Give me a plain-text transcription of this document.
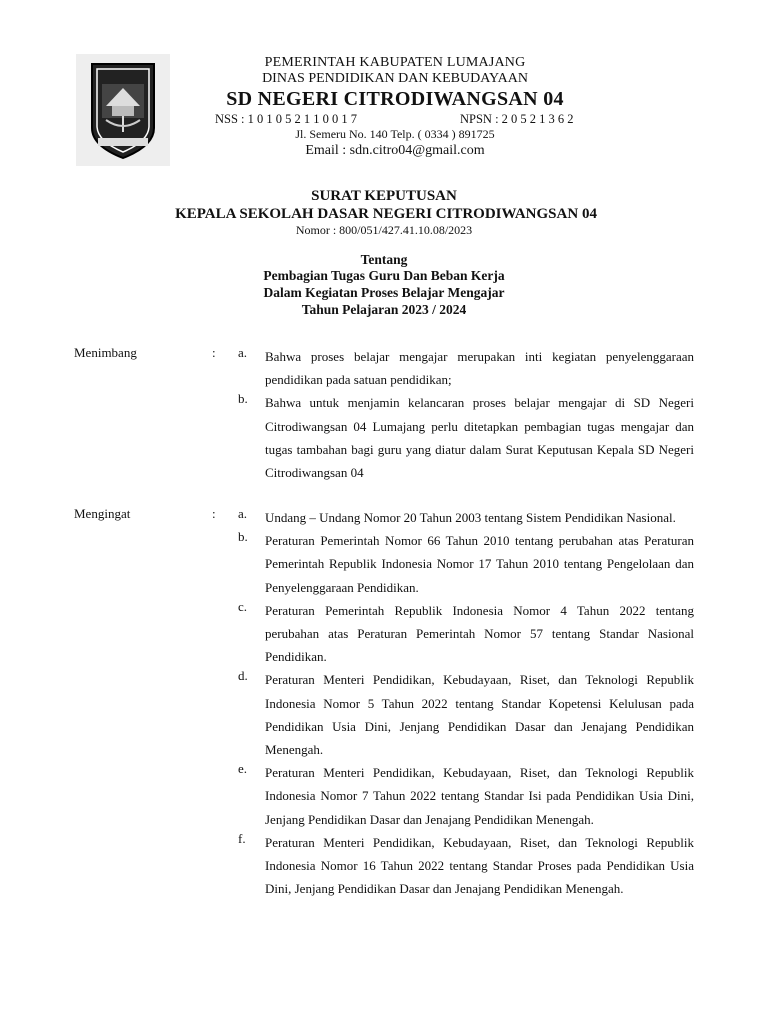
PEMERINTAH KABUPATEN LUMAJANG
DINAS PENDIDIKAN DAN KEBUDAYAAN
SD NEGERI CITRODIWANGSAN 04
NSS : 1 0 1 0 5 2 1 1 0 0 1 7	NPSN : 2 0 5 2 1 3 6 2
Jl. Semeru No. 140 Telp. ( 0334 ) 891725
Email : sdn.citro04@gmail.com
SURAT KEPUTUSAN
KEPALA SEKOLAH DASAR NEGERI CITRODIWANGSAN 04
Nomor : 800/051/427.41.10.08/2023
Tentang
Pembagian Tugas Guru Dan Beban Kerja
Dalam Kegiatan Proses Belajar Mengajar
Tahun Pelajaran 2023 / 2024
Menimbang	: a. Bahwa proses belajar mengajar merupakan inti kegiatan penyelenggaraan pendidikan pada satuan pendidikan;
b. Bahwa untuk menjamin kelancaran proses belajar mengajar di SD Negeri Citrodiwangsan 04 Lumajang perlu ditetapkan pembagian tugas mengajar dan tugas tambahan bagi guru yang diatur dalam Surat Keputusan Kepala SD Negeri Citrodiwangsan 04
Mengingat	: a. Undang – Undang Nomor 20 Tahun 2003 tentang Sistem Pendidikan Nasional.
b. Peraturan Pemerintah Nomor 66 Tahun 2010 tentang perubahan atas Peraturan Pemerintah Republik Indonesia Nomor 17 Tahun 2010 tentang Pengelolaan dan Penyelenggaraan Pendidikan.
c. Peraturan Pemerintah Republik Indonesia Nomor 4 Tahun 2022 tentang perubahan atas Peraturan Pemerintah Nomor 57 tentang Standar Nasional Pendidikan.
d. Peraturan Menteri Pendidikan, Kebudayaan, Riset, dan Teknologi Republik Indonesia Nomor 5 Tahun 2022 tentang Standar Kopetensi Kelulusan pada Pendidikan Usia Dini, Jenjang Pendidikan Dasar dan Jenajang Pendidikan Menengah.
e. Peraturan Menteri Pendidikan, Kebudayaan, Riset, dan Teknologi Republik Indonesia Nomor 7 Tahun 2022 tentang Standar Isi pada Pendidikan Usia Dini, Jenjang Pendidikan Dasar dan Jenajang Pendidikan Menengah.
f. Peraturan Menteri Pendidikan, Kebudayaan, Riset, dan Teknologi Republik Indonesia Nomor 16 Tahun 2022 tentang Standar Proses pada Pendidikan Usia Dini, Jenjang Pendidikan Dasar dan Jenajang Pendidikan Menengah.
